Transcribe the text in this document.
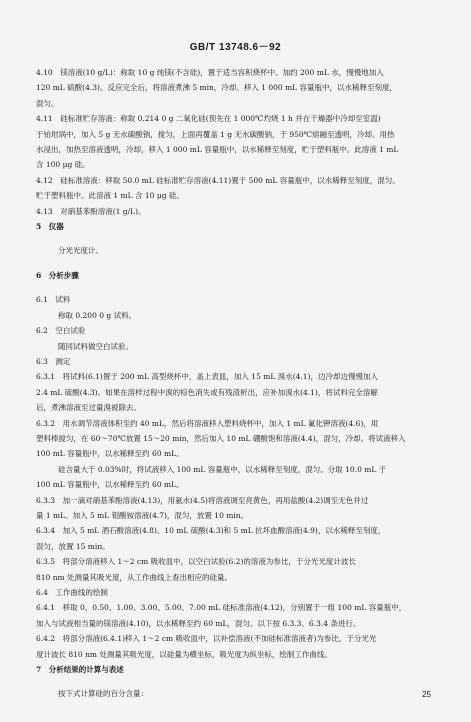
GB/T 13748.6－92
4.10　镁溶液(10 g/L)：称取 10 g 纯镁(不含硅)，置于适当容积烧杯中。加约 200 mL 水，慢慢地加入
120 mL 硫酸(4.3)。反应完全后，将溶液煮沸 5 min，冷却。移入 1 000 mL 容量瓶中，以水稀释至刻度，
混匀。
4.11　硅标准贮存溶液：称取 0.214 0 g 二氧化硅(预先在 1 000℃灼烧 1 h 并在干燥器中冷却至室温)
于铂坩埚中，加入 5 g 无水碳酸钠，搅匀，上面再覆盖 1 g 无水碳酸钠，于 950℃熔融至透明，冷却。用热
水浸出，加热至溶液透明，冷却，移入 1 000 mL 容量瓶中，以水稀释至刻度，贮于塑料瓶中。此溶液 1 mL
含 100 μg 硅。
4.12　硅标准溶液：移取 50.0 mL 硅标准贮存溶液(4.11)置于 500 mL 容量瓶中，以水稀释至刻度，混匀。
贮于塑料瓶中。此溶液 1 mL 含 10 μg 硅。
4.13　对硝基苯酚溶液(1 g/L)。
5　仪器
分光光度计。
6　分析步骤
6.1　试料
称取 0.200 0 g 试料。
6.2　空白试验
随同试料做空白试验。
6.3　测定
6.3.1　将试料(6.1)置于 200 mL 高型烧杯中，盖上表皿，加入 15 mL 溴水(4.1)，边冷却边慢慢加入
2.4 mL 硫酸(4.3)。如果在溶样过程中溴的棕色消失或有残渣析出，应补加溴水(4.1)，将试料完全溶解
后，煮沸溶液至过量溴被除去。
6.3.2　用水调节溶液体积至约 40 mL，然后将溶液移入塑料烧杯中，加入 1 mL 氟化钾溶液(4.6)，用
塑料棒搅匀，在 60～70℃放置 15～20 min，然后加入 10 mL 硼酸饱和溶液(4.4)，混匀，冷却。将试液移入
100 mL 容量瓶中，以水稀释至约 60 mL。
硅含量大于 0.03%时，将试液移入 100 mL 容量瓶中，以水稀释至刻度，混匀。分取 10.0 mL 于
100 mL 容量瓶中，以水稀释至约 60 mL。
6.3.3　加一滴对硝基苯酚溶液(4.13)，用氨水(4.5)将溶液调至亮黄色，再用盐酸(4.2)调至无色并过
量 1 mL。加入 5 mL 钼酸铵溶液(4.7)，混匀，放置 10 min。
6.3.4　加入 5 mL 酒石酸溶液(4.8)、10 mL 硫酸(4.3)和 5 mL 抗坏血酸溶液(4.9)，以水稀释至刻度，
混匀，放置 15 min。
6.3.5　将部分溶液移入 1～2 cm 吸收皿中，以空白试验(6.2)的溶液为参比，于分光光度计波长
810 nm 处测量其吸光度，从工作曲线上查出相应的硅量。
6.4　工作曲线的绘制
6.4.1　移取 0、0.50、1.00、3.00、5.00、7.00 mL 硅标准溶液(4.12)，分别置于一组 100 mL 容量瓶中，
加入与试液相当量的镁溶液(4.10)，以水稀释至约 60 mL，混匀。以下按 6.3.3、6.3.4 条进行。
6.4.2　将部分溶液(6.4.1)移入 1～2 cm 吸收皿中，以补偿溶液(不加硅标准溶液者)为参比，于分光光
度计波长 810 nm 处测量其吸光度，以硅量为横坐标，吸光度为纵坐标，绘制工作曲线。
7　分析结果的计算与表述
按下式计算硅的百分含量：	25
